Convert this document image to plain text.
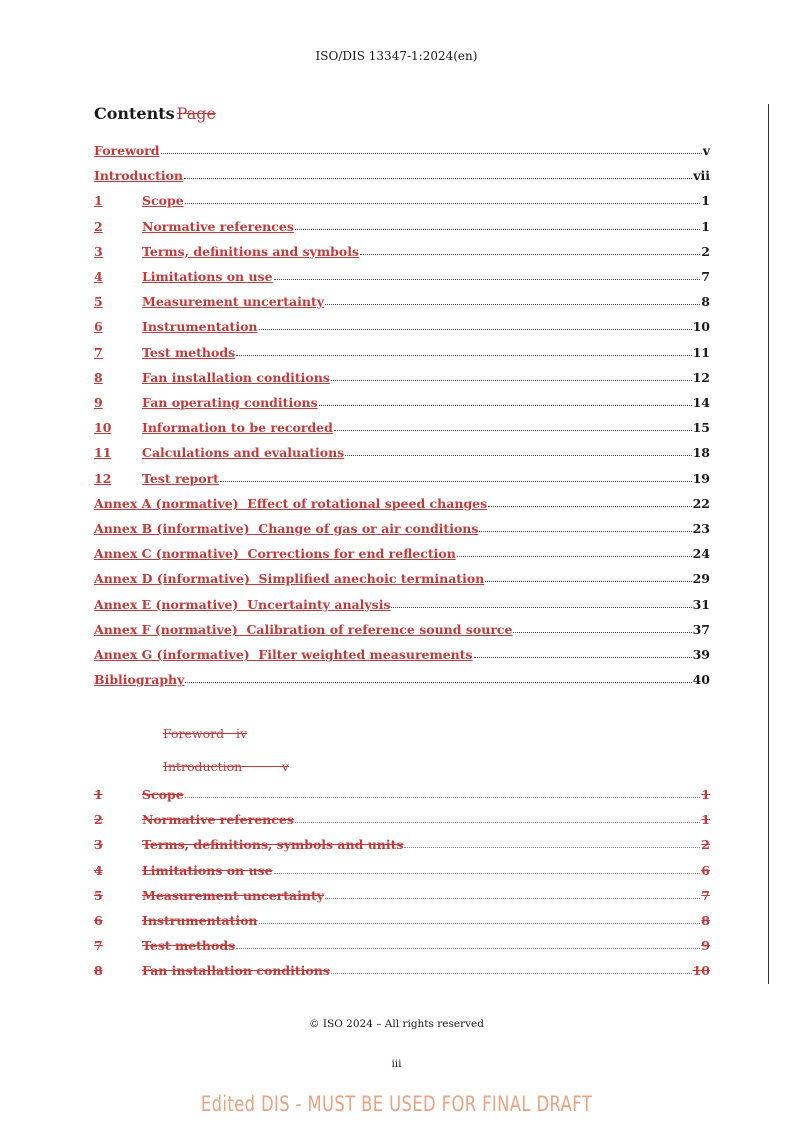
ISO/DIS 13347-1:2024(en)
Contents Page
Foreword	v
Introduction	vii
1	Scope	1
2	Normative references	1
3	Terms, definitions and symbols	2
4	Limitations on use	7
5	Measurement uncertainty	8
6	Instrumentation	10
7	Test methods	11
8	Fan installation conditions	12
9	Fan operating conditions	14
10	Information to be recorded	15
11	Calculations and evaluations	18
12	Test report	19
Annex A (normative)  Effect of rotational speed changes	22
Annex B (informative)  Change of gas or air conditions	23
Annex C (normative)  Corrections for end reflection	24
Annex D (informative)  Simplified anechoic termination	29
Annex E (normative)  Uncertainty analysis	31
Annex F (normative)  Calibration of reference sound source	37
Annex G (informative)  Filter weighted measurements	39
Bibliography	40
Foreword iv
Introduction	v
1	Scope	1
2	Normative references	1
3	Terms, definitions, symbols and units	2
4	Limitations on use	6
5	Measurement uncertainty	7
6	Instrumentation	8
7	Test methods	9
8	Fan installation conditions	10
© ISO 2024 – All rights reserved
iii
Edited DIS - MUST BE USED FOR FINAL DRAFT
